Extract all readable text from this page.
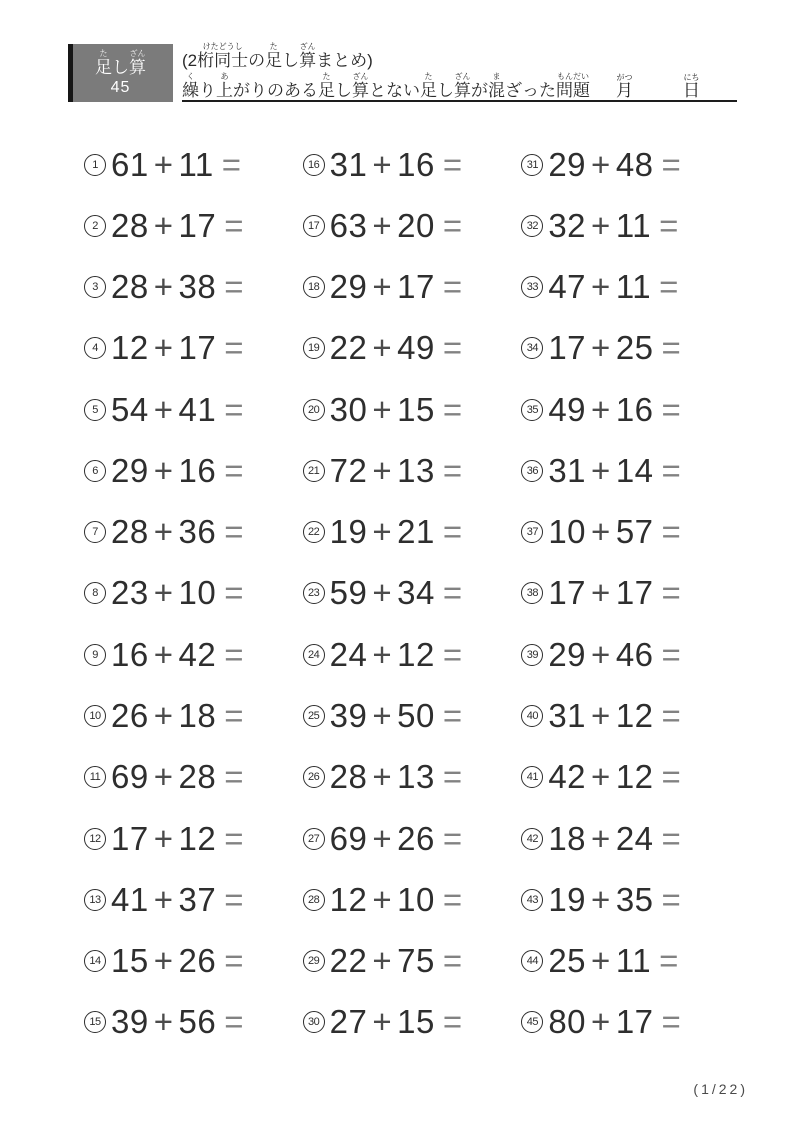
足たし算ざん
45
(2桁同士けたどうしの足たし算ざんまとめ)
繰くり上あがりのある足たし算ざんとない足たし算ざんが混まざった問題もんだい
月がつ
日にち
1 61 + 11 =
2 28 + 17 =
3 28 + 38 =
4 12 + 17 =
5 54 + 41 =
6 29 + 16 =
7 28 + 36 =
8 23 + 10 =
9 16 + 42 =
10 26 + 18 =
11 69 + 28 =
12 17 + 12 =
13 41 + 37 =
14 15 + 26 =
15 39 + 56 =
16 31 + 16 =
17 63 + 20 =
18 29 + 17 =
19 22 + 49 =
20 30 + 15 =
21 72 + 13 =
22 19 + 21 =
23 59 + 34 =
24 24 + 12 =
25 39 + 50 =
26 28 + 13 =
27 69 + 26 =
28 12 + 10 =
29 22 + 75 =
30 27 + 15 =
31 29 + 48 =
32 32 + 11 =
33 47 + 11 =
34 17 + 25 =
35 49 + 16 =
36 31 + 14 =
37 10 + 57 =
38 17 + 17 =
39 29 + 46 =
40 31 + 12 =
41 42 + 12 =
42 18 + 24 =
43 19 + 35 =
44 25 + 11 =
45 80 + 17 =
(1/22)
